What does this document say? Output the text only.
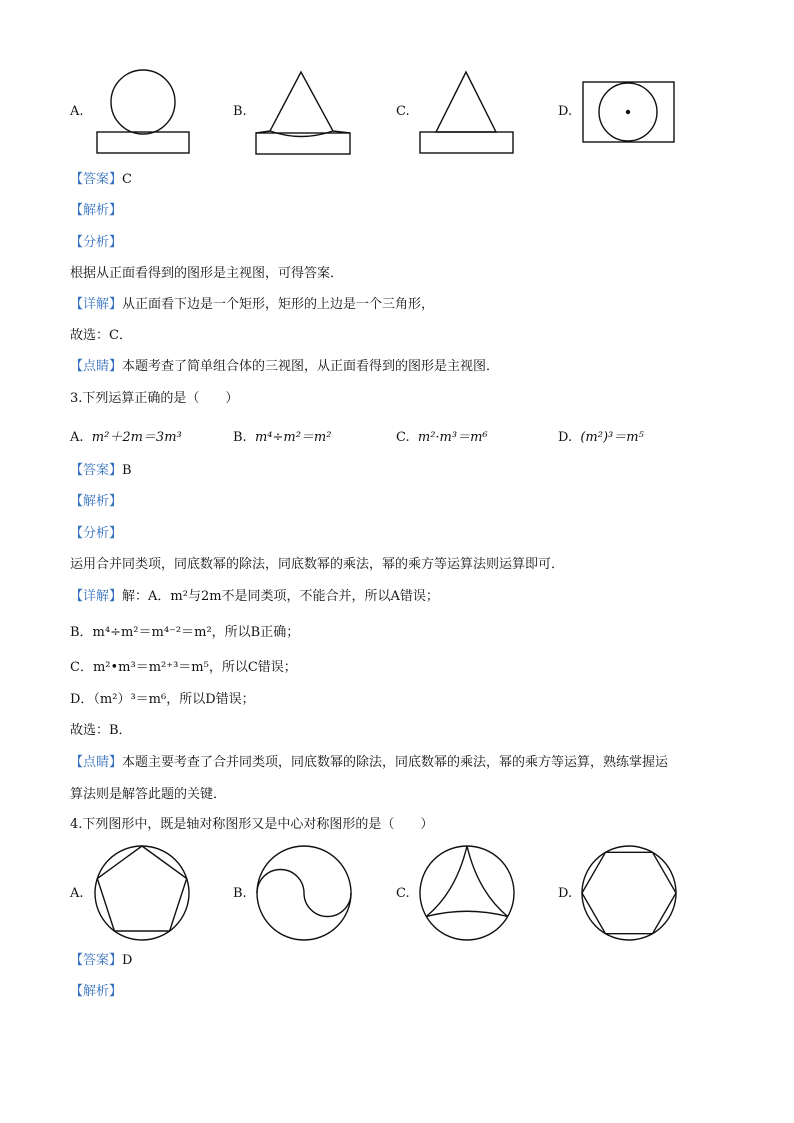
A.	B.	C.	D.
【答案】C
【解析】
【分析】
根据从正面看得到的图形是主视图，可得答案．
【详解】从正面看下边是一个矩形，矩形的上边是一个三角形，
故选：C．
【点睛】本题考查了简单组合体的三视图，从正面看得到的图形是主视图．
3.下列运算正确的是（　　）
A. m²＋2m＝3m³	B. m⁴÷m²＝m²	C. m²·m³＝m⁶	D. (m²)³＝m⁵
【答案】B
【解析】
【分析】
运用合并同类项，同底数幂的除法，同底数幂的乘法，幂的乘方等运算法则运算即可．
【详解】解：A．m²与2m不是同类项，不能合并，所以A错误；
B．m⁴÷m²＝m⁴⁻²＝m²，所以B正确；
C．m²•m³＝m²⁺³＝m⁵，所以C错误；
D．（m²）³＝m⁶，所以D错误；
故选：B．
【点睛】本题主要考查了合并同类项，同底数幂的除法，同底数幂的乘法，幂的乘方等运算，熟练掌握运
算法则是解答此题的关键．
4.下列图形中，既是轴对称图形又是中心对称图形的是（　　）
A.	B.	C.	D.
【答案】D
【解析】
